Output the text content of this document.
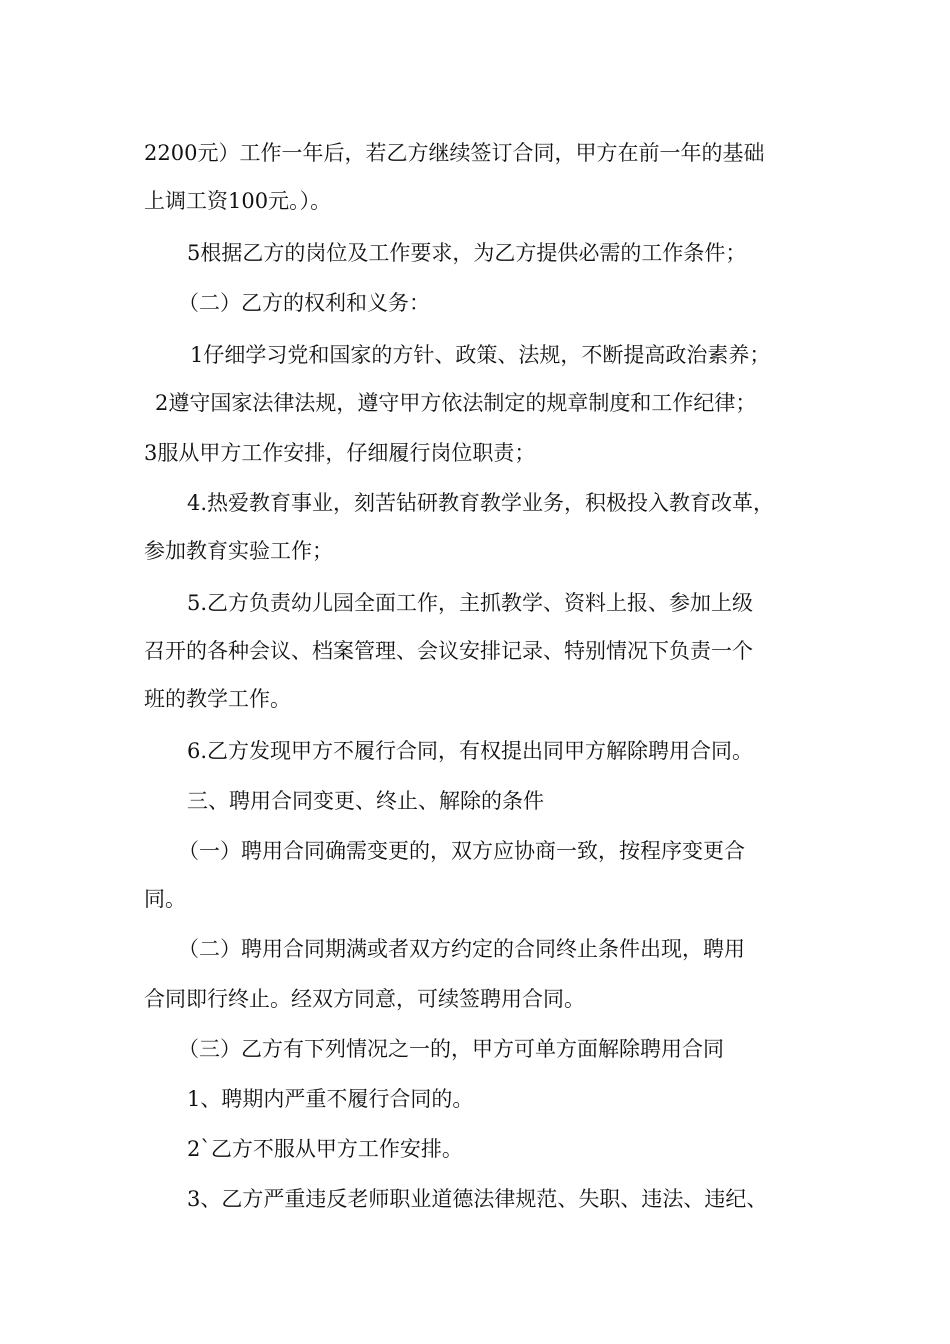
2200元）工作一年后，若乙方继续签订合同，甲方在前一年的基础
上调工资100元。）。
5根据乙方的岗位及工作要求，为乙方提供必需的工作条件；
（二）乙方的权利和义务：
1仔细学习党和国家的方针、政策、法规，不断提高政治素养；
2遵守国家法律法规，遵守甲方依法制定的规章制度和工作纪律；
3服从甲方工作安排，仔细履行岗位职责；
4.热爱教育事业，刻苦钻研教育教学业务，积极投入教育改革，
参加教育实验工作；
5.乙方负责幼儿园全面工作，主抓教学、资料上报、参加上级
召开的各种会议、档案管理、会议安排记录、特别情况下负责一个
班的教学工作。
6.乙方发现甲方不履行合同，有权提出同甲方解除聘用合同。
三、聘用合同变更、终止、解除的条件
（一）聘用合同确需变更的，双方应协商一致，按程序变更合
同。
（二）聘用合同期满或者双方约定的合同终止条件出现，聘用
合同即行终止。经双方同意，可续签聘用合同。
（三）乙方有下列情况之一的，甲方可单方面解除聘用合同
1、聘期内严重不履行合同的。
2`乙方不服从甲方工作安排。
3、乙方严重违反老师职业道德法律规范、失职、违法、违纪、
